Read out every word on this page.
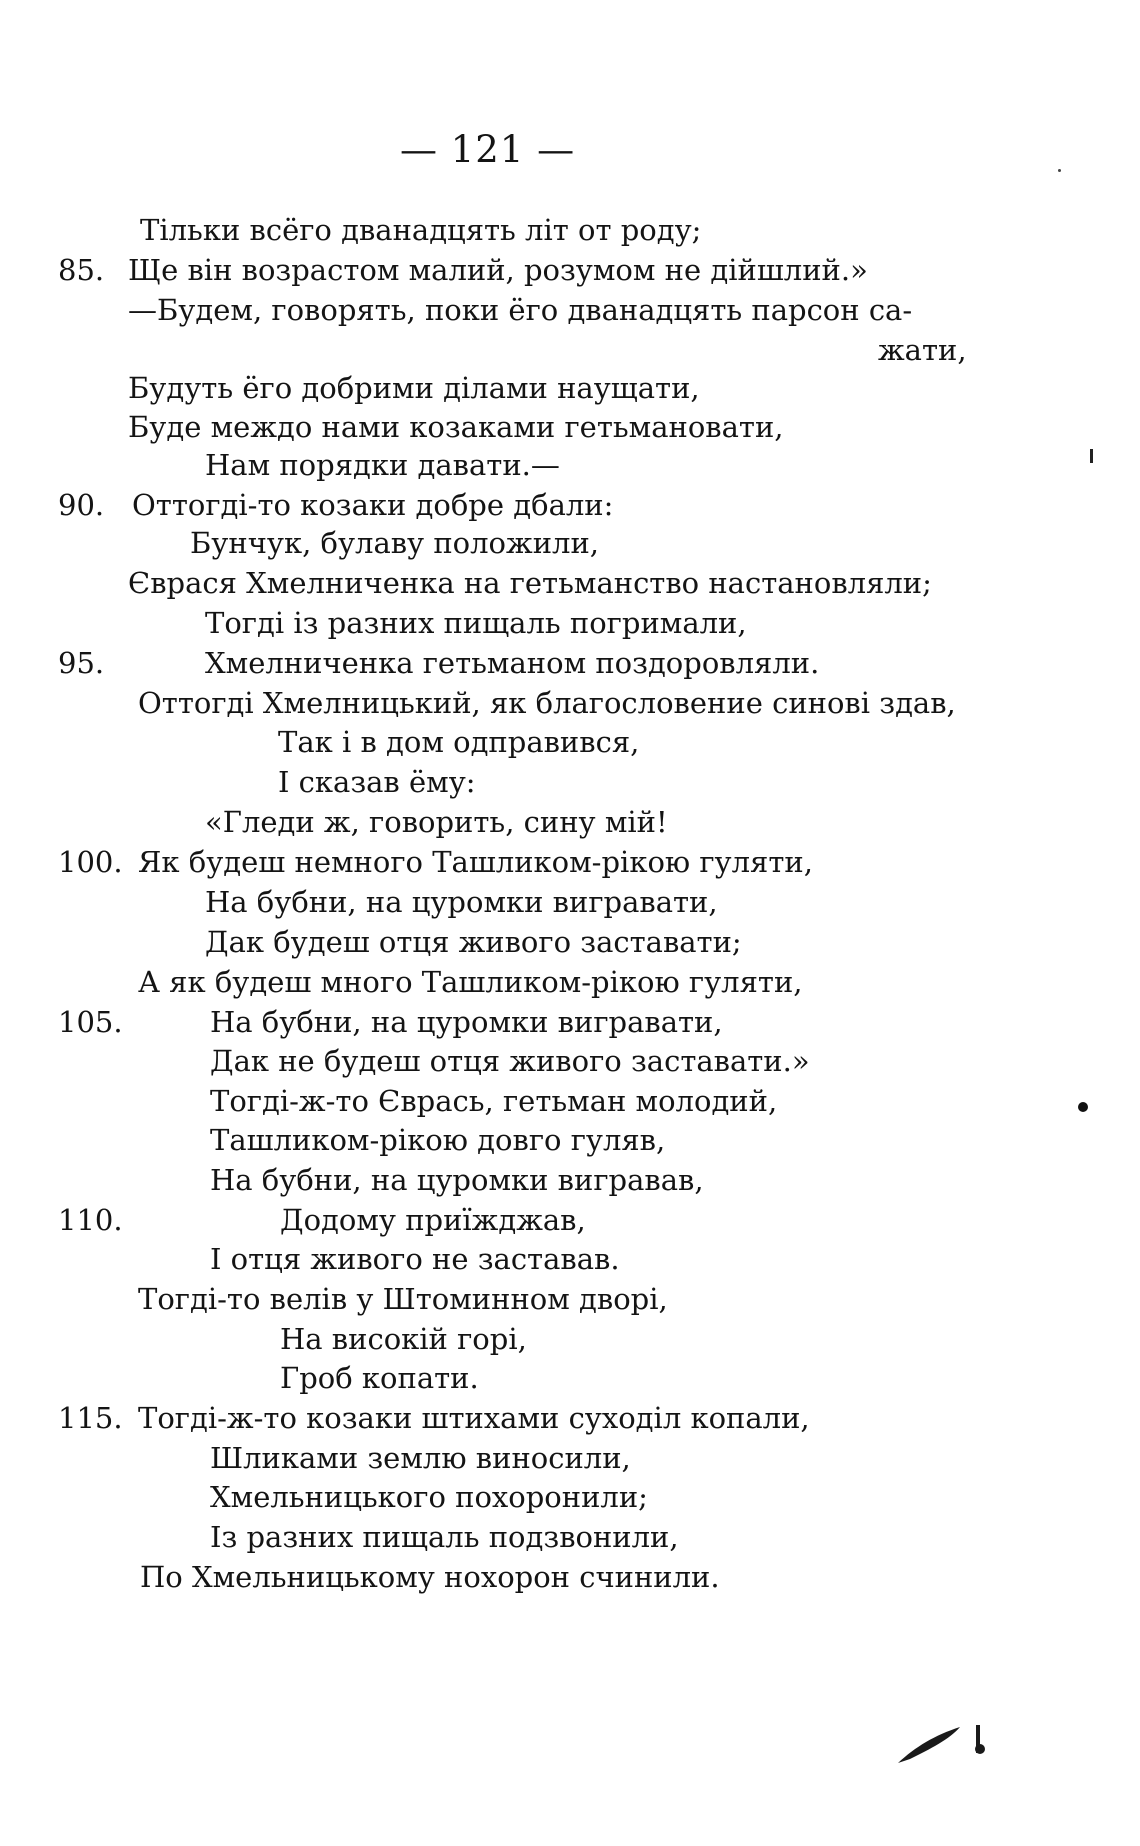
— 121 —
Тільки всёго дванадцять літ от роду;
85. Ще він возрастом малий, розумом не дійшлий.»
—Будем, говорять, поки ёго дванадцять парсон са-
жати,
Будуть ёго добрими ділами наущати,
Буде междо нами козаками гетьмановати,
Нам порядки давати.—
90. Оттогді-то козаки добре дбали:
Бунчук, булаву положили,
Єврася Хмелниченка на гетьманство настановляли;
Тогді із разних пищаль погримали,
95.	Хмелниченка гетьманом поздоровляли.
Оттогді Хмелницький, як благословение синові здав,
Так і в дом одправився,
І сказав ёму:
«Гледи ж, говорить, сину мій!
100. Як будеш немного Ташликом-рікою гуляти,
На бубни, на цуромки вигравати,
Дак будеш отця живого заставати;
А як будеш много Ташликом-рікою гуляти,
105.	На бубни, на цуромки вигравати,
Дак не будеш отця живого заставати.»
Тогді-ж-то Єврась, гетьман молодий,
Ташликом-рікою довго гуляв,
На бубни, на цуромки вигравав,
110.	Додому приїжджав,
І отця живого не заставав.
Тогді-то велів у Штоминном дворі,
На високій горі,
Гроб копати.
115. Тогді-ж-то козаки штихами суходіл копали,
Шликами землю виносили,
Хмельницького похоронили;
Із разних пищаль подзвонили,
По Хмельницькому нохорон счинили.
